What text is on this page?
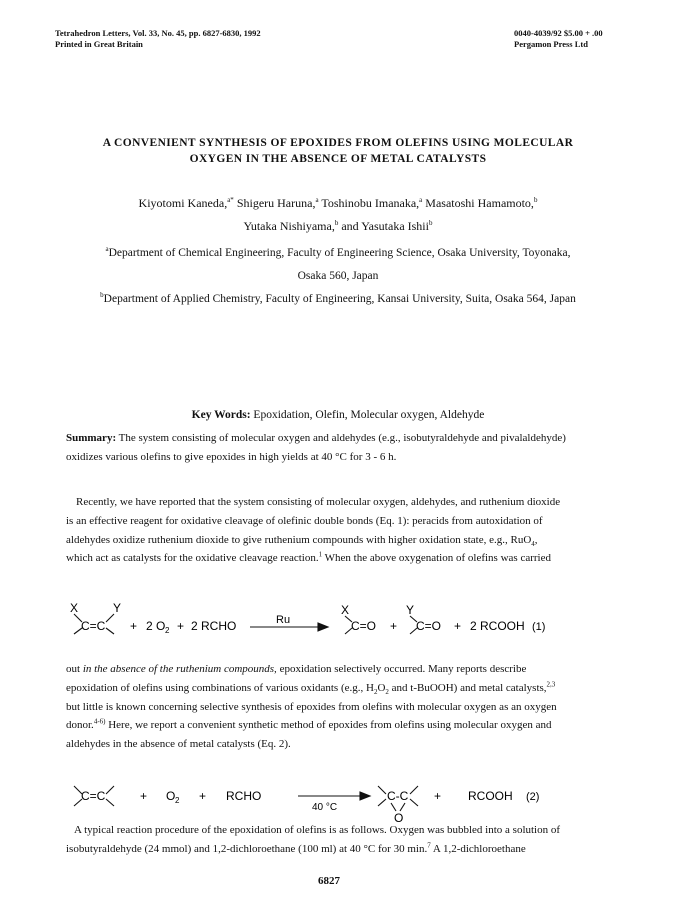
Tetrahedron Letters, Vol. 33, No. 45, pp. 6827-6830, 1992
Printed in Great Britain
0040-4039/92 $5.00 + .00
Pergamon Press Ltd
A CONVENIENT SYNTHESIS OF EPOXIDES FROM OLEFINS USING MOLECULAR
OXYGEN IN THE ABSENCE OF METAL CATALYSTS
Kiyotomi Kaneda,$^{a*}$ Shigeru Haruna,$^a$ Toshinobu Imanaka,$^a$ Masatoshi Hamamoto,$^b$
Yutaka Nishiyama,$^b$ and Yasutaka Ishii$^b$
$^a$Department of Chemical Engineering, Faculty of Engineering Science, Osaka University, Toyonaka,
Osaka 560, Japan
$^b$Department of Applied Chemistry, Faculty of Engineering, Kansai University, Suita, Osaka 564, Japan
Key Words: Epoxidation, Olefin, Molecular oxygen, Aldehyde
Summary: The system consisting of molecular oxygen and aldehydes (e.g., isobutyraldehyde and pivalaldehyde)
oxidizes various olefins to give epoxides in high yields at 40 °C for 3 - 6 h.
Recently, we have reported that the system consisting of molecular oxygen, aldehydes, and ruthenium dioxide
is an effective reagent for oxidative cleavage of olefinic double bonds (Eq. 1): peracids from autoxidation of
aldehydes oxidize ruthenium dioxide to give ruthenium compounds with higher oxidation state, e.g., RuO$_4$,
which act as catalysts for the oxidative cleavage reaction.$^1$ When the above oxygenation of olefins was carried
X	Y
C=C + 2 O 2 + 2 RCHO	Ru
X
C=O +
Y
C=O + 2 RCOOH (1)
out in the absence of the ruthenium compounds, epoxidation selectively occurred. Many reports describe
epoxidation of olefins using combinations of various oxidants (e.g., $H_2O_2$ and t-BuOOH) and metal catalysts,$^{2,3}$
but little is known concerning selective synthesis of epoxides from olefins with molecular oxygen as an oxygen
donor.$^{4-6)}$ Here, we report a convenient synthetic method of epoxides from olefins using molecular oxygen and
aldehydes in the absence of metal catalysts (Eq. 2).
C=C	+ O 2 + RCHO
40 °C
C-C
O
+ RCOOH (2)
A typical reaction procedure of the epoxidation of olefins is as follows. Oxygen was bubbled into a solution of
isobutyraldehyde (24 mmol) and 1,2-dichloroethane (100 ml) at 40 °C for 30 min.$^7$ A 1,2-dichloroethane
6827
